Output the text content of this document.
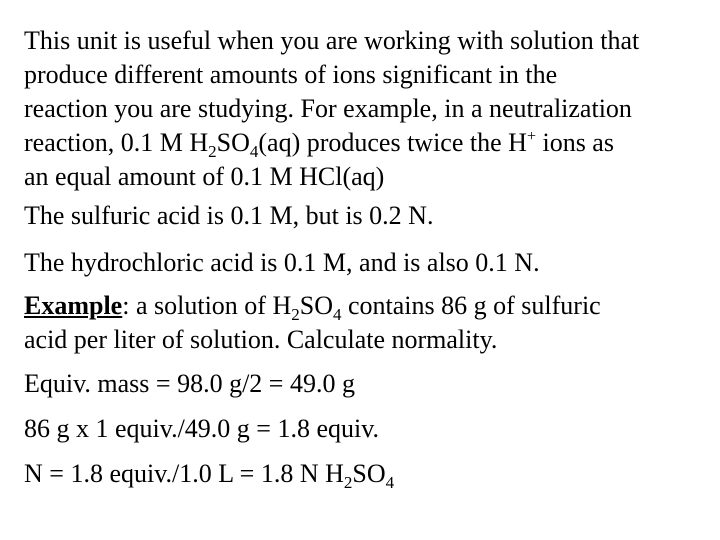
This unit is useful when you are working with solution that
produce different amounts of ions significant in the
reaction you are studying. For example, in a neutralization
reaction, 0.1 M $H_2SO_4(aq)$ produces twice the H+ ions as
an equal amount of 0.1 M HCl(aq)

The sulfuric acid is 0.1 M, but is 0.2 N.

The hydrochloric acid is 0.1 M, and is also 0.1 N.

Example: a solution of $H_2SO_4$ contains 86 g of sulfuric
acid per liter of solution. Calculate normality.

Equiv. mass = 98.0 g/2 = 49.0 g

86 g x 1 equiv./49.0 g = 1.8 equiv.

N = 1.8 equiv./1.0 L = 1.8 N $H_2SO_4$
